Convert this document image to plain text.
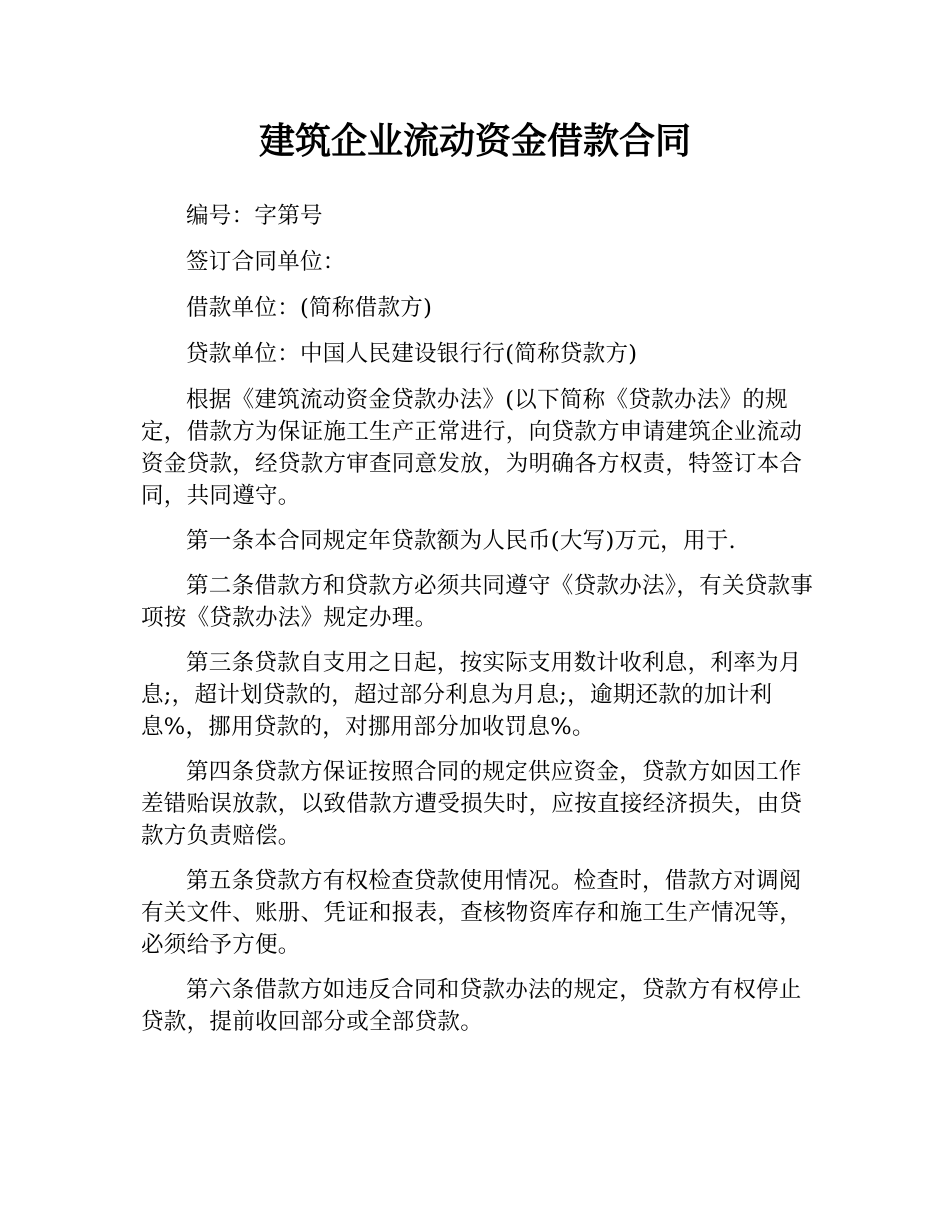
建筑企业流动资金借款合同

编号：字第号

签订合同单位：

借款单位：(简称借款方)

贷款单位：中国人民建设银行行(简称贷款方)

根据《建筑流动资金贷款办法》(以下简称《贷款办法》的规定，借款方为保证施工生产正常进行，向贷款方申请建筑企业流动资金贷款，经贷款方审查同意发放，为明确各方权责，特签订本合同，共同遵守。

第一条本合同规定年贷款额为人民币(大写)万元，用于.

第二条借款方和贷款方必须共同遵守《贷款办法》，有关贷款事项按《贷款办法》规定办理。

第三条贷款自支用之日起，按实际支用数计收利息，利率为月息;，超计划贷款的，超过部分利息为月息;，逾期还款的加计利息%，挪用贷款的，对挪用部分加收罚息%。

第四条贷款方保证按照合同的规定供应资金，贷款方如因工作差错贻误放款，以致借款方遭受损失时，应按直接经济损失，由贷款方负责赔偿。

第五条贷款方有权检查贷款使用情况。检查时，借款方对调阅有关文件、账册、凭证和报表，查核物资库存和施工生产情况等，必须给予方便。

第六条借款方如违反合同和贷款办法的规定，贷款方有权停止贷款，提前收回部分或全部贷款。
